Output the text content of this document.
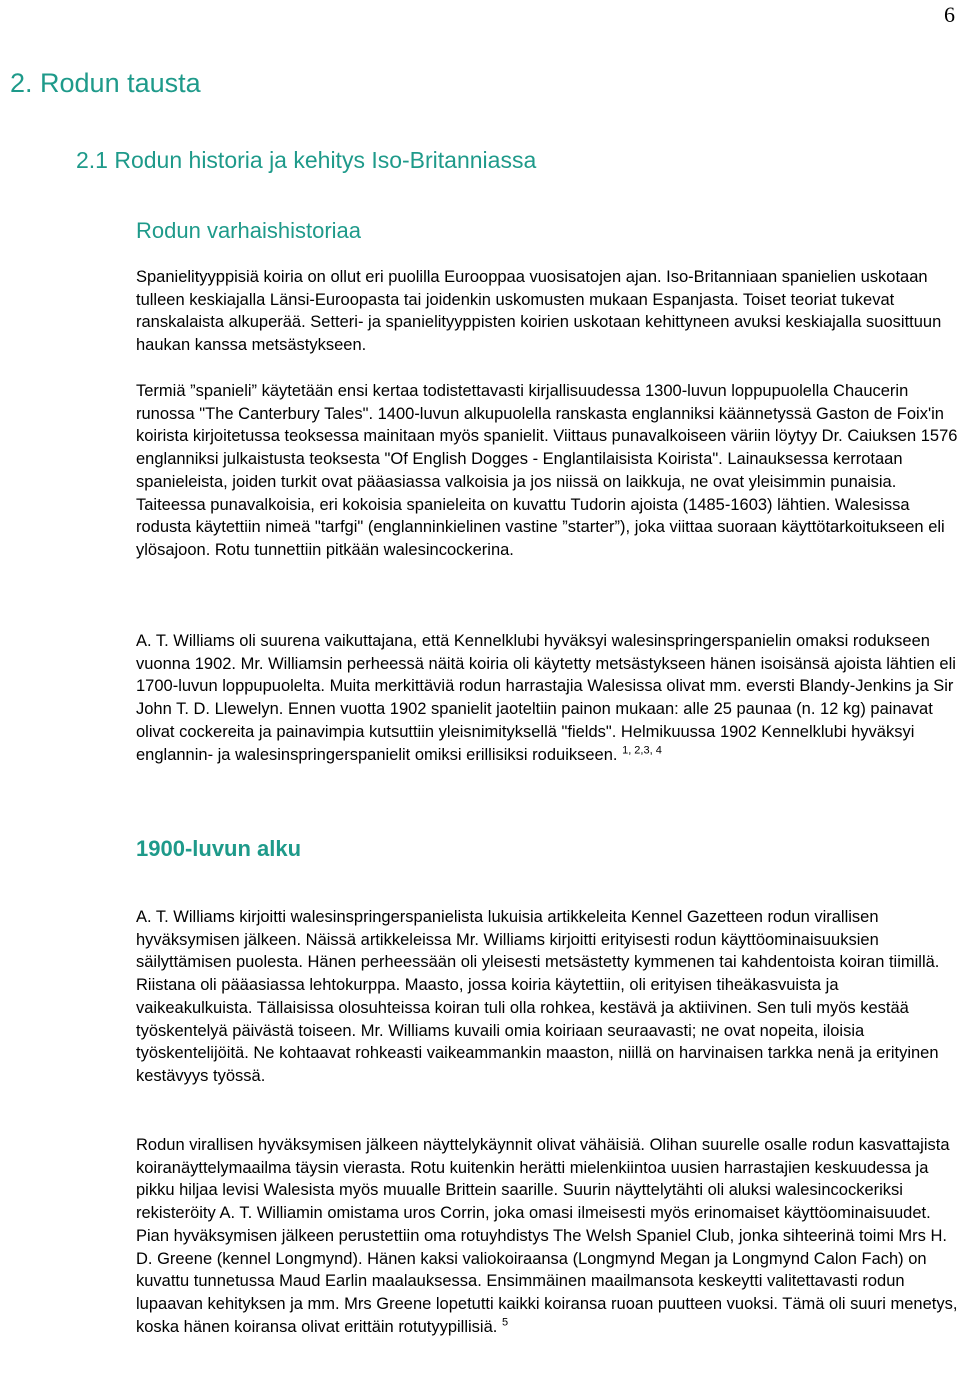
6
2. Rodun tausta
2.1 Rodun historia ja kehitys Iso-Britanniassa
Rodun varhaishistoriaa

Spanielityyppisiä koiria on ollut eri puolilla Eurooppaa vuosisatojen ajan. Iso-Britanniaan spanielien uskotaan tulleen keskiajalla Länsi-Euroopasta tai joidenkin uskomusten mukaan Espanjasta. Toiset teoriat tukevat ranskalaista alkuperää. Setteri- ja spanielityyppisten koirien uskotaan kehittyneen avuksi keskiajalla suosittuun haukan kanssa metsästykseen.

Termiä ”spanieli” käytetään ensi kertaa todistettavasti kirjallisuudessa 1300-luvun loppupuolella Chaucerin runossa "The Canterbury Tales". 1400-luvun alkupuolella ranskasta englanniksi käännetyssä Gaston de Foix'in koirista kirjoitetussa teoksessa mainitaan myös spanielit. Viittaus punavalkoiseen väriin löytyy Dr. Caiuksen 1576 englanniksi julkaistusta teoksesta "Of English Dogges - Englantilaisista Koirista". Lainauksessa kerrotaan spanieleista, joiden turkit ovat pääasiassa valkoisia ja jos niissä on laikkuja, ne ovat yleisimmin punaisia. Taiteessa punavalkoisia, eri kokoisia spanieleita on kuvattu Tudorin ajoista (1485-1603) lähtien. Walesissa rodusta käytettiin nimeä "tarfgi" (englanninkielinen vastine ”starter”), joka viittaa suoraan käyttötarkoitukseen eli ylösajoon. Rotu tunnettiin pitkään walesincockerina.

A. T. Williams oli suurena vaikuttajana, että Kennelklubi hyväksyi walesinspringerspanielin omaksi rodukseen vuonna 1902. Mr. Williamsin perheessä näitä koiria oli käytetty metsästykseen hänen isoisänsä ajoista lähtien eli 1700-luvun loppupuolelta. Muita merkittäviä rodun harrastajia Walesissa olivat mm. eversti Blandy-Jenkins ja Sir John T. D. Llewelyn. Ennen vuotta 1902 spanielit jaoteltiin painon mukaan: alle 25 paunaa (n. 12 kg) painavat olivat cockereita ja painavimpia kutsuttiin yleisnimityksellä "fields". Helmikuussa 1902 Kennelklubi hyväksyi englannin- ja walesinspringerspanielit omiksi erillisiksi roduikseen. $^{1, 2,3, 4}$

1900-luvun alku

A. T. Williams kirjoitti walesinspringerspanielista lukuisia artikkeleita Kennel Gazetteen rodun virallisen hyväksymisen jälkeen. Näissä artikkeleissa Mr. Williams kirjoitti erityisesti rodun käyttöominaisuuksien säilyttämisen puolesta. Hänen perheessään oli yleisesti metsästetty kymmenen tai kahdentoista koiran tiimillä. Riistana oli pääasiassa lehtokurppa. Maasto, jossa koiria käytettiin, oli erityisen tiheäkasvuista ja vaikeakulkuista. Tällaisissa olosuhteissa koiran tuli olla rohkea, kestävä ja aktiivinen. Sen tuli myös kestää työskentelyä päivästä toiseen. Mr. Williams kuvaili omia koiriaan seuraavasti; ne ovat nopeita, iloisia työskentelijöitä. Ne kohtaavat rohkeasti vaikeammankin maaston, niillä on harvinaisen tarkka nenä ja erityinen kestävyys työssä.

Rodun virallisen hyväksymisen jälkeen näyttelykäynnit olivat vähäisiä. Olihan suurelle osalle rodun kasvattajista koiranäyttelymaailma täysin vierasta. Rotu kuitenkin herätti mielenkiintoa uusien harrastajien keskuudessa ja pikku hiljaa levisi Walesista myös muualle Brittein saarille. Suurin näyttelytähti oli aluksi walesincockeriksi rekisteröity A. T. Williamin omistama uros Corrin, joka omasi ilmeisesti myös erinomaiset käyttöominaisuudet. Pian hyväksymisen jälkeen perustettiin oma rotuyhdistys The Welsh Spaniel Club, jonka sihteerinä toimi Mrs H. D. Greene (kennel Longmynd). Hänen kaksi valiokoiraansa (Longmynd Megan ja Longmynd Calon Fach) on kuvattu tunnetussa Maud Earlin maalauksessa. Ensimmäinen maailmansota keskeytti valitettavasti rodun lupaavan kehityksen ja mm. Mrs Greene lopetutti kaikki koiransa ruoan puutteen vuoksi. Tämä oli suuri menetys, koska hänen koiransa olivat erittäin rotutyypillisiä. $^5$
